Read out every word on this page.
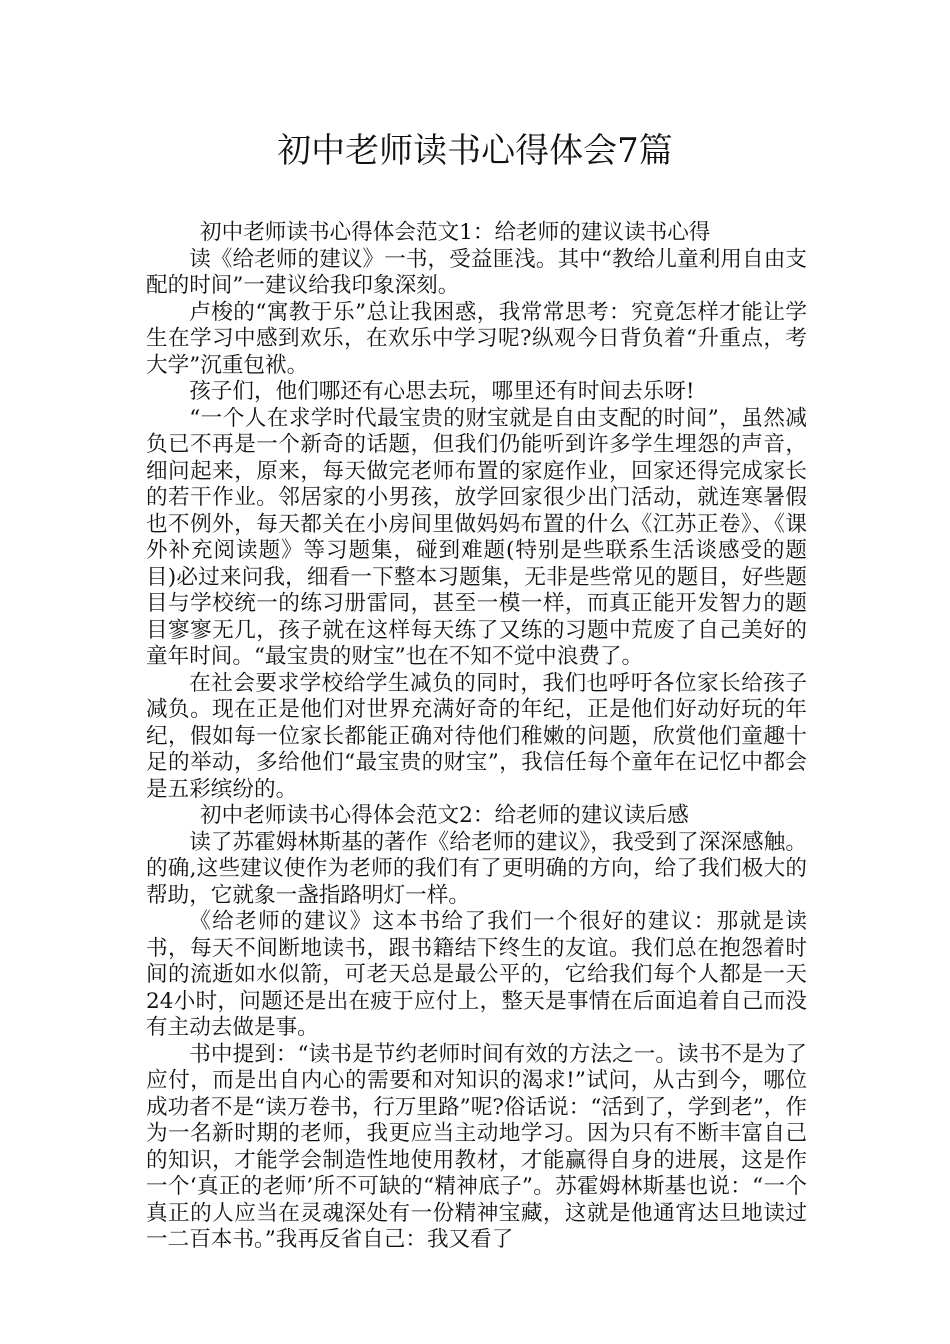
初中老师读书心得体会7篇

初中老师读书心得体会范文1：给老师的建议读书心得

读《给老师的建议》一书，受益匪浅。其中“教给儿童利用自由支配的时间”一建议给我印象深刻。

卢梭的“寓教于乐”总让我困惑，我常常思考：究竟怎样才能让学生在学习中感到欢乐，在欢乐中学习呢?纵观今日背负着“升重点，考大学”沉重包袱。

孩子们，他们哪还有心思去玩，哪里还有时间去乐呀!

“一个人在求学时代最宝贵的财宝就是自由支配的时间”，虽然减负已不再是一个新奇的话题，但我们仍能听到许多学生埋怨的声音，细问起来，原来，每天做完老师布置的家庭作业，回家还得完成家长的若干作业。邻居家的小男孩，放学回家很少出门活动，就连寒暑假也不例外，每天都关在小房间里做妈妈布置的什么《江苏正卷》、《课外补充阅读题》等习题集，碰到难题(特别是些联系生活谈感受的题目)必过来问我，细看一下整本习题集，无非是些常见的题目，好些题目与学校统一的练习册雷同，甚至一模一样，而真正能开发智力的题目寥寥无几，孩子就在这样每天练了又练的习题中荒废了自己美好的童年时间。“最宝贵的财宝”也在不知不觉中浪费了。

在社会要求学校给学生减负的同时，我们也呼吁各位家长给孩子减负。现在正是他们对世界充满好奇的年纪，正是他们好动好玩的年纪，假如每一位家长都能正确对待他们稚嫩的问题，欣赏他们童趣十足的举动，多给他们“最宝贵的财宝”，我信任每个童年在记忆中都会是五彩缤纷的。

初中老师读书心得体会范文2：给老师的建议读后感

读了苏霍姆林斯基的著作《给老师的建议》，我受到了深深感触。的确,这些建议使作为老师的我们有了更明确的方向，给了我们极大的帮助，它就象一盏指路明灯一样。

《给老师的建议》这本书给了我们一个很好的建议：那就是读书，每天不间断地读书，跟书籍结下终生的友谊。我们总在抱怨着时间的流逝如水似箭，可老天总是最公平的，它给我们每个人都是一天24小时，问题还是出在疲于应付上，整天是事情在后面追着自己而没有主动去做是事。

书中提到：“读书是节约老师时间有效的方法之一。读书不是为了应付，而是出自内心的需要和对知识的渴求!”试问，从古到今，哪位成功者不是“读万卷书，行万里路”呢?俗话说：“活到了，学到老”，作为一名新时期的老师，我更应当主动地学习。因为只有不断丰富自己的知识，才能学会制造性地使用教材，才能赢得自身的进展，这是作一个‘真正的老师’所不可缺的“精神底子”。苏霍姆林斯基也说：“一个真正的人应当在灵魂深处有一份精神宝藏，这就是他通宵达旦地读过一二百本书。”我再反省自己：我又看了
